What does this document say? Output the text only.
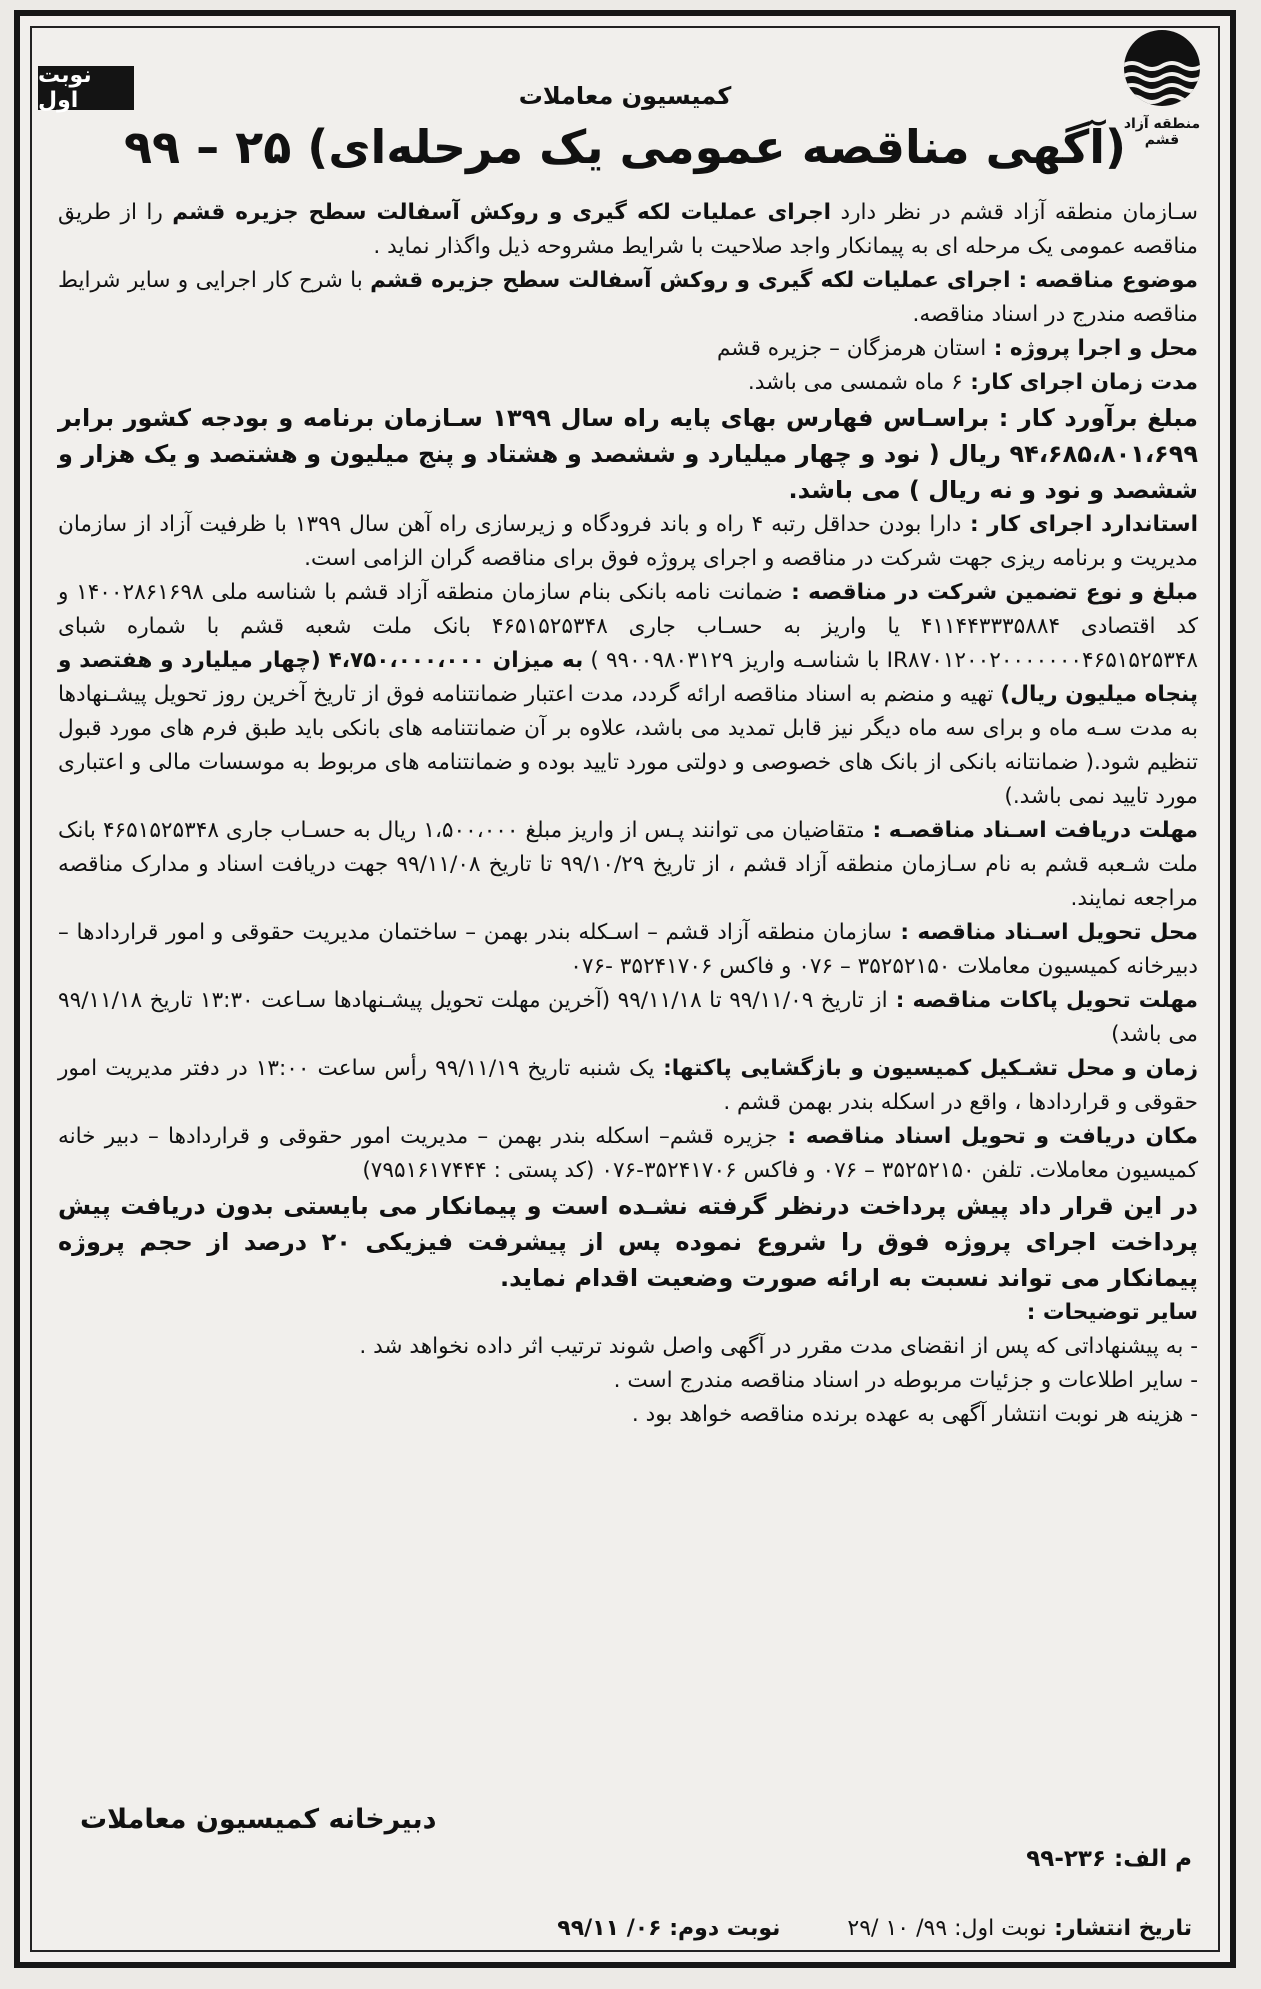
منطقه آزاد قشم
نوبت اول	کمیسیون معاملات
(آگهی مناقصه عمومی یک مرحله‌ای) ۲۵ – ۹۹

سـازمان منطقه آزاد قشم در نظر دارد اجرای عملیات لکه گیری و روکش آسفالت سطح جزیره قشم را از طریق مناقصه عمومی یک مرحله ای به پیمانکار واجد صلاحیت با شرایط مشروحه ذیل واگذار نماید .

موضوع مناقصه : اجرای عملیات لکه گیری و روکش آسفالت سطح جزیره قشم با شرح کار اجرایی و سایر شرایط مناقصه مندرج در اسناد مناقصه.

محل و اجرا پروژه : استان هرمزگان – جزیره قشم

مدت زمان اجرای کار: ۶ ماه شمسی می باشد.

مبلغ برآورد کار : براسـاس فهارس بهای پایه راه سال ۱۳۹۹ سـازمان برنامه و بودجه کشور برابر ۹۴،۶۸۵،۸۰۱،۶۹۹ ریال ( نود و چهار میلیارد و ششصد و هشتاد و پنج میلیون و هشتصد و یک هزار و ششصد و نود و نه ریال ) می باشد.

استاندارد اجرای کار : دارا بودن حداقل رتبه ۴ راه و باند فرودگاه و زیرسازی راه آهن سال ۱۳۹۹ با ظرفیت آزاد از سازمان مدیریت و برنامه ریزی جهت شرکت در مناقصه و اجرای پروژه فوق برای مناقصه گران الزامی است.

مبلغ و نوع تضمین شرکت در مناقصه : ضمانت نامه بانکی بنام سازمان منطقه آزاد قشم با شناسه ملی ۱۴۰۰۲۸۶۱۶۹۸ و کد اقتصادی ۴۱۱۴۴۳۳۳۵۸۸۴ یا واریز به حسـاب جاری ۴۶۵۱۵۲۵۳۴۸ بانک ملت شعبه قشم با شماره شبای IR۸۷۰۱۲۰۰۲۰۰۰۰۰۰۰۴۶۵۱۵۲۵۳۴۸ با شناسـه واریز ۹۹۰۰۹۸۰۳۱۲۹ ) به میزان ۴،۷۵۰،۰۰۰،۰۰۰ (چهار میلیارد و هفتصد و پنجاه میلیون ریال) تهیه و منضم به اسناد مناقصه ارائه گردد، مدت اعتبار ضمانتنامه فوق از تاریخ آخرین روز تحویل پیشـنهادها به مدت سـه ماه و برای سه ماه دیگر نیز قابل تمدید می باشد، علاوه بر آن ضمانتنامه های بانکی باید طبق فرم های مورد قبول تنظیم شود.( ضمانتانه بانکی از بانک های خصوصی و دولتی مورد تایید بوده و ضمانتنامه های مربوط به موسسات مالی و اعتباری مورد تایید نمی باشد.)

مهلت دریافت اسـناد مناقصـه : متقاضیان می توانند پـس از واریز مبلغ ۱،۵۰۰،۰۰۰ ریال به حسـاب جاری ۴۶۵۱۵۲۵۳۴۸ بانک ملت شـعبه قشم به نام سـازمان منطقه آزاد قشم ، از تاریخ ۹۹/۱۰/۲۹ تا تاریخ ۹۹/۱۱/۰۸ جهت دریافت اسناد و مدارک مناقصه مراجعه نمایند.

محل تحویل اسـناد مناقصه : سازمان منطقه آزاد قشم – اسـکله بندر بهمن – ساختمان مدیریت حقوقی و امور قراردادها – دبیرخانه کمیسیون معاملات ۳۵۲۵۲۱۵۰ – ۰۷۶ و فاکس ۳۵۲۴۱۷۰۶ -۰۷۶

مهلت تحویل پاکات مناقصه : از تاریخ ۹۹/۱۱/۰۹ تا ۹۹/۱۱/۱۸ (آخرین مهلت تحویل پیشـنهادها سـاعت ۱۳:۳۰ تاریخ ۹۹/۱۱/۱۸ می باشد)

زمان و محل تشـکیل کمیسیون و بازگشایی پاکتها: یک شنبه تاریخ ۹۹/۱۱/۱۹ رأس ساعت ۱۳:۰۰ در دفتر مدیریت امور حقوقی و قراردادها ، واقع در اسکله بندر بهمن قشم .

مکان دریافت و تحویل اسناد مناقصه : جزیره قشم– اسکله بندر بهمن – مدیریت امور حقوقی و قراردادها – دبیر خانه کمیسیون معاملات. تلفن ۳۵۲۵۲۱۵۰ – ۰۷۶ و فاکس ۳۵۲۴۱۷۰۶-۰۷۶ (کد پستی : ۷۹۵۱۶۱۷۴۴۴)

در این قرار داد پیش پرداخت درنظر گرفته نشـده است و پیمانکار می بایستی بدون دریافت پیش پرداخت اجرای پروژه فوق را شروع نموده پس از پیشرفت فیزیکی ۲۰ درصد از حجم پروژه پیمانکار می تواند نسبت به ارائه صورت وضعیت اقدام نماید.

سایر توضیحات :

- به پیشنهاداتی که پس از انقضای مدت مقرر در آگهی واصل شوند ترتیب اثر داده نخواهد شد .

- سایر اطلاعات و جزئیات مربوطه در اسناد مناقصه مندرج است .

- هزینه هر نوبت انتشار آگهی به عهده برنده مناقصه خواهد بود .

دبیرخانه کمیسیون معاملات
م الف: ۲۳۶-۹۹
تاریخ انتشار: نوبت اول: ۹۹/ ۱۰ /۲۹ نوبت دوم: ۰۶/ ۹۹/۱۱
